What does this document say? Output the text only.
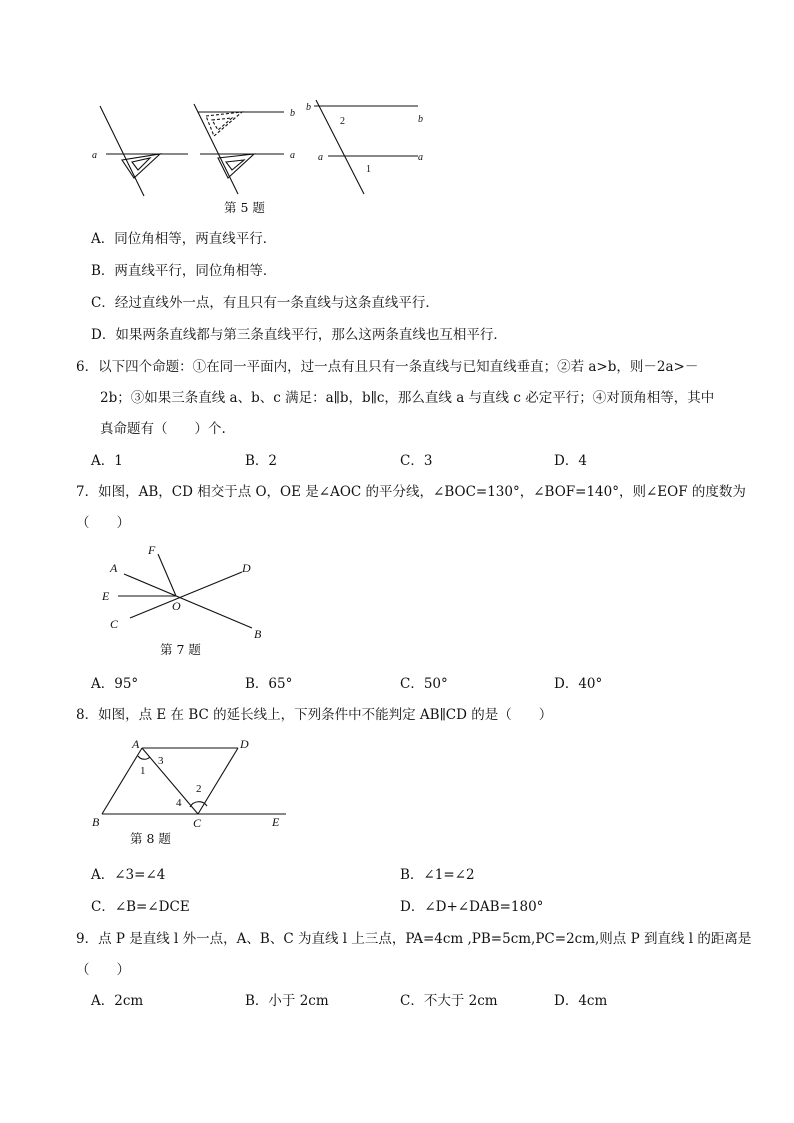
a
b
a
b
b
a	a
2
1
第 5 题
A．同位角相等，两直线平行．
B．两直线平行，同位角相等．
C．经过直线外一点，有且只有一条直线与这条直线平行．
D．如果两条直线都与第三条直线平行，那么这两条直线也互相平行．
6．以下四个命题：①在同一平面内，过一点有且只有一条直线与已知直线垂直；②若 a>b，则－2a>－
2b；③如果三条直线 a、b、c 满足：a∥b，b∥c，那么直线 a 与直线 c 必定平行；④对顶角相等，其中
真命题有（　　）个.
A．1	B．2	C．3	D．4
7．如图，AB，CD 相交于点 O，OE 是∠AOC 的平分线，∠BOC=130°，∠BOF=140°，则∠EOF 的度数为
（　　）
F
A	D
E
O
C
B
第 7 题
A．95°	B．65°	C．50°	D．40°
8．如图，点 E 在 BC 的延长线上，下列条件中不能判定 AB∥CD 的是（　　）
A	D
B	C	E
1
3
4
2
第 8 题
A．∠3=∠4	B．∠1=∠2
C．∠B=∠DCE	D．∠D+∠DAB=180°
9．点 P 是直线 l 外一点，A、B、C 为直线 l 上三点，PA=4cm ,PB=5cm,PC=2cm,则点 P 到直线 l 的距离是
（　　）
A．2cm	B．小于 2cm	C．不大于 2cm	D．4cm
